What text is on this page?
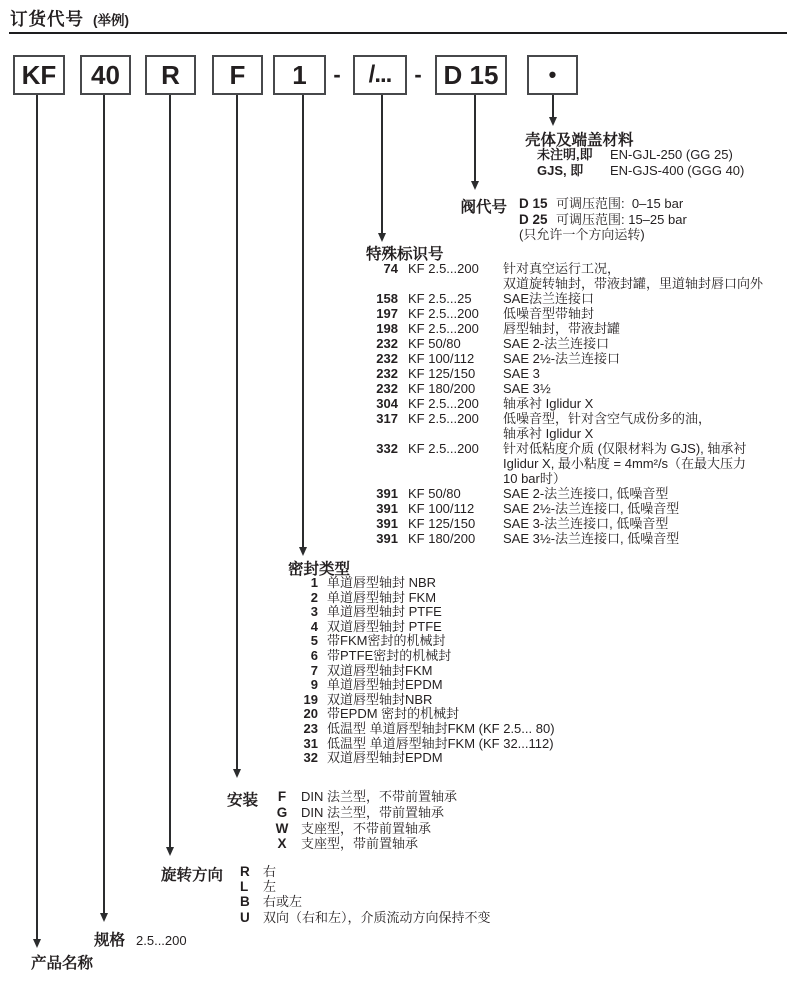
订货代号 (举例)
KF 40 R F 1 - /... - D 15 •
壳体及端盖材料
未注明,即	EN-GJL-250 (GG 25)
GJS, 即	EN-GJS-400 (GGG 40)
阀代号 D 15 可调压范围:  0–15 bar
D 25 可调压范围: 15–25 bar
(只允许一个方向运转)
特殊标识号
74 KF 2.5...200	针对真空运行工况，
双道旋转轴封，带液封罐，里道轴封唇口向外
158 KF 2.5...25	SAE法兰连接口
197 KF 2.5...200	低噪音型带轴封
198 KF 2.5...200	唇型轴封，带液封罐
232 KF 50/80	SAE 2-法兰连接口
232 KF 100/112	SAE 2½-法兰连接口
232 KF 125/150	SAE 3
232 KF 180/200	SAE 3½
304 KF 2.5...200	轴承衬 Iglidur X
317 KF 2.5...200	低噪音型，针对含空气成份多的油，
轴承衬 Iglidur X
332 KF 2.5...200	针对低粘度介质 (仅限材料为 GJS), 轴承衬
Iglidur X, 最小粘度 = 4mm²/s（在最大压力
10 bar时）
391 KF 50/80	SAE 2-法兰连接口, 低噪音型
391 KF 100/112	SAE 2½-法兰连接口, 低噪音型
391 KF 125/150	SAE 3-法兰连接口, 低噪音型
391 KF 180/200	SAE 3½-法兰连接口, 低噪音型
密封类型
1 单道唇型轴封 NBR
2 单道唇型轴封 FKM
3 单道唇型轴封 PTFE
4 双道唇型轴封 PTFE
5 带FKM密封的机械封
6 带PTFE密封的机械封
7 双道唇型轴封FKM
9 单道唇型轴封EPDM
19 双道唇型轴封NBR
20 带EPDM 密封的机械封
23 低温型 单道唇型轴封FKM (KF 2.5... 80)
31 低温型 单道唇型轴封FKM (KF 32...112)
32 双道唇型轴封EPDM
安装	F	DIN 法兰型，不带前置轴承
G	DIN 法兰型，带前置轴承
W 支座型，不带前置轴承
X	支座型，带前置轴承
旋转方向 R	右
L	左
B	右或左
U	双向（右和左），介质流动方向保持不变
规格 2.5...200
产品名称
